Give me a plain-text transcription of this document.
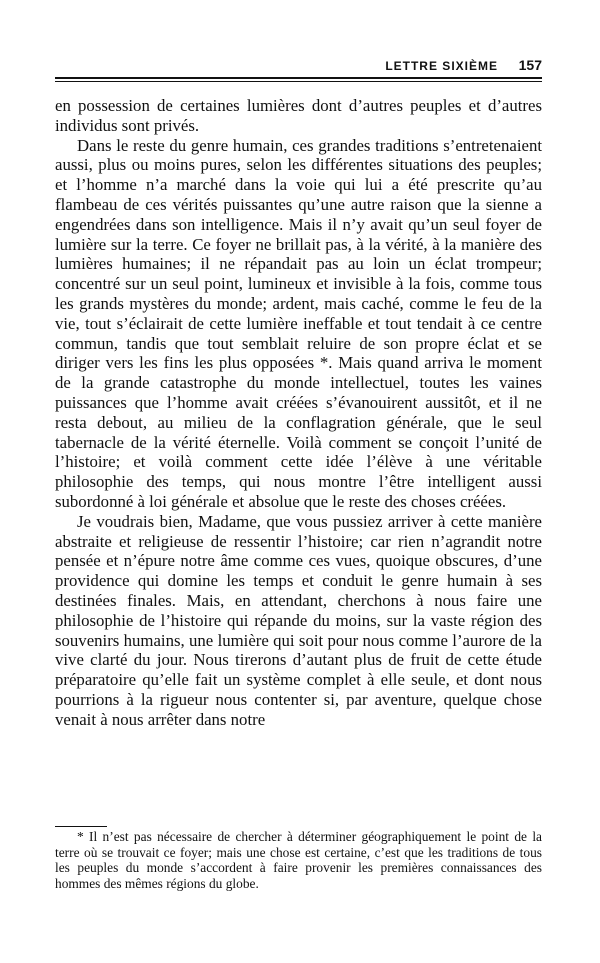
LETTRE SIXIÈME 157

en possession de certaines lumières dont d’autres peuples et d’autres individus sont privés.

Dans le reste du genre humain, ces grandes traditions s’entretenaient aussi, plus ou moins pures, selon les différentes situations des peuples; et l’homme n’a marché dans la voie qui lui a été prescrite qu’au flambeau de ces vérités puissantes qu’une autre raison que la sienne a engendrées dans son intelligence. Mais il n’y avait qu’un seul foyer de lumière sur la terre. Ce foyer ne brillait pas, à la vérité, à la manière des lumières humaines; il ne répandait pas au loin un éclat trompeur; concentré sur un seul point, lumineux et invisible à la fois, comme tous les grands mystères du monde; ardent, mais caché, comme le feu de la vie, tout s’éclairait de cette lumière ineffable et tout tendait à ce centre commun, tandis que tout semblait reluire de son propre éclat et se diriger vers les fins les plus opposées *. Mais quand arriva le moment de la grande catastrophe du monde intellectuel, toutes les vaines puissances que l’homme avait créées s’évanouirent aussitôt, et il ne resta debout, au milieu de la conflagration générale, que le seul tabernacle de la vérité éternelle. Voilà comment se conçoit l’unité de l’histoire; et voilà comment cette idée l’élève à une véritable philosophie des temps, qui nous montre l’être intelligent aussi subordonné à loi générale et absolue que le reste des choses créées.

Je voudrais bien, Madame, que vous pussiez arriver à cette manière abstraite et religieuse de ressentir l’histoire; car rien n’agrandit notre pensée et n’épure notre âme comme ces vues, quoique obscures, d’une providence qui domine les temps et conduit le genre humain à ses destinées finales. Mais, en attendant, cherchons à nous faire une philosophie de l’histoire qui répande du moins, sur la vaste région des souvenirs humains, une lumière qui soit pour nous comme l’aurore de la vive clarté du jour. Nous tirerons d’autant plus de fruit de cette étude préparatoire qu’elle fait un système complet à elle seule, et dont nous pourrions à la rigueur nous contenter si, par aventure, quelque chose venait à nous arrêter dans notre

* Il n’est pas nécessaire de chercher à déterminer géographiquement le point de la terre où se trouvait ce foyer; mais une chose est certaine, c’est que les traditions de tous les peuples du monde s’accordent à faire provenir les premières connaissances des hommes des mêmes régions du globe.
